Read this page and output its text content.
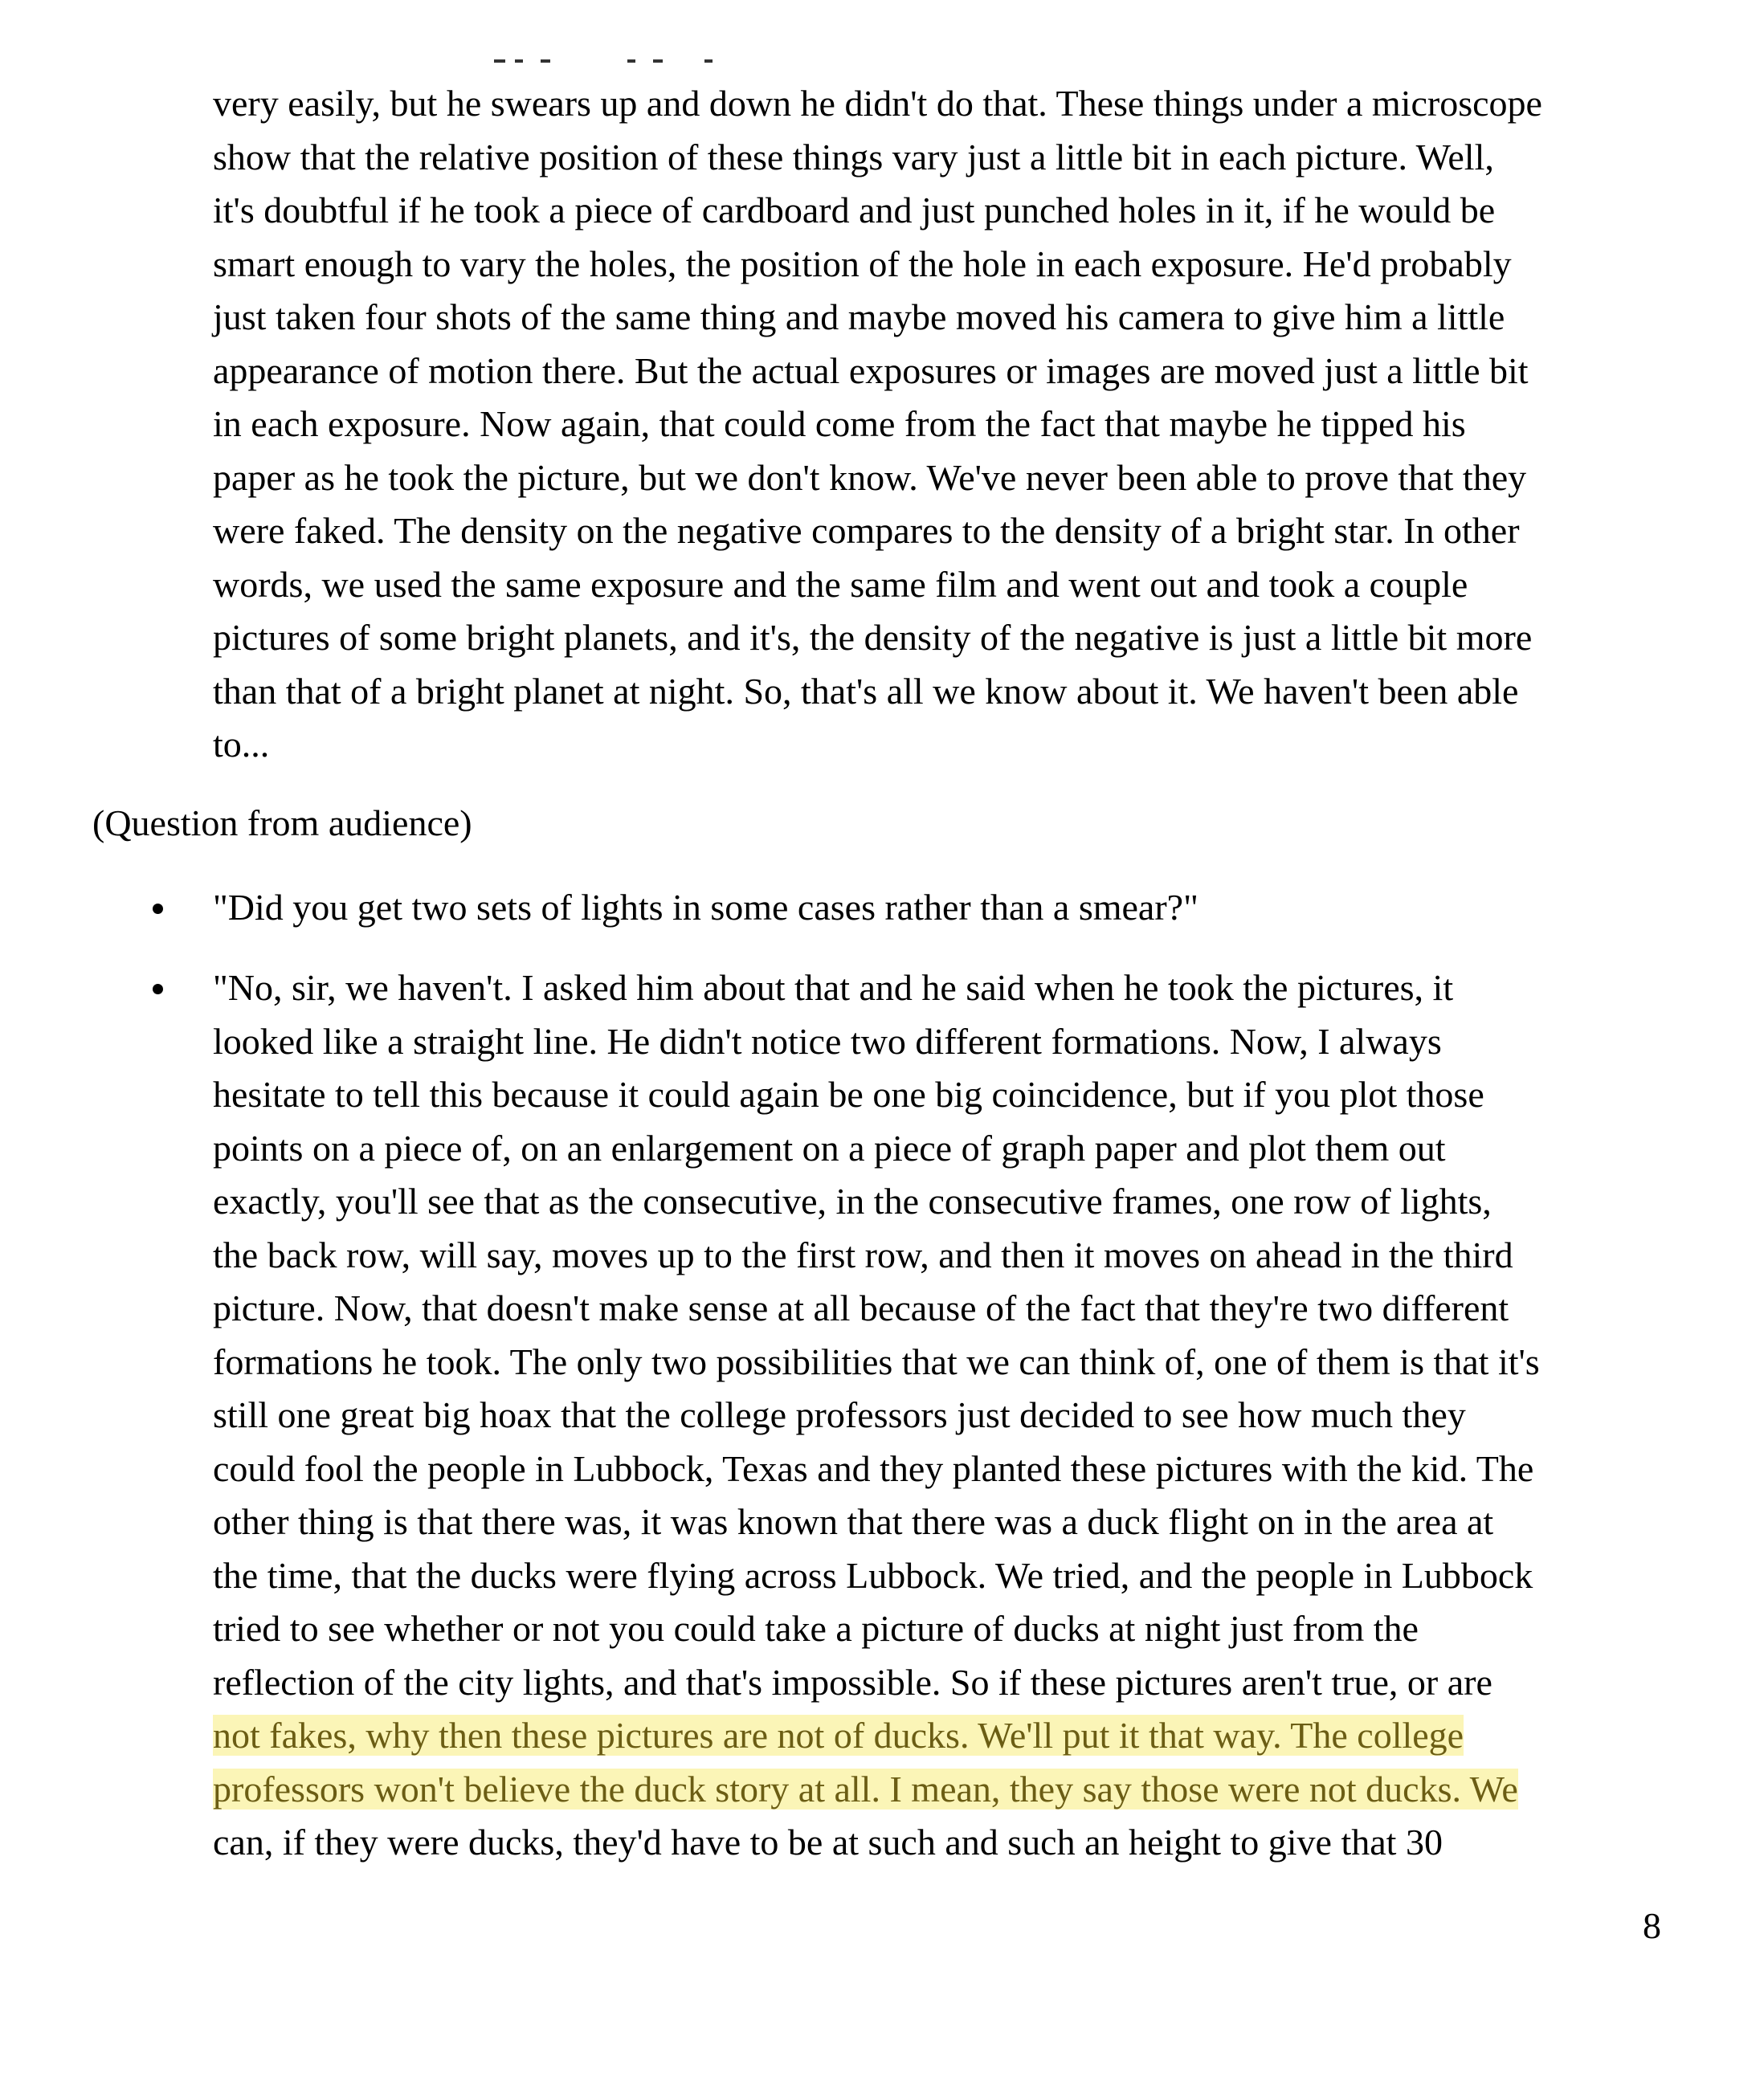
very easily, but he swears up and down he didn't do that. These things under a microscope
show that the relative position of these things vary just a little bit in each picture. Well,
it's doubtful if he took a piece of cardboard and just punched holes in it, if he would be
smart enough to vary the holes, the position of the hole in each exposure. He'd probably
just taken four shots of the same thing and maybe moved his camera to give him a little
appearance of motion there. But the actual exposures or images are moved just a little bit
in each exposure. Now again, that could come from the fact that maybe he tipped his
paper as he took the picture, but we don't know. We've never been able to prove that they
were faked. The density on the negative compares to the density of a bright star. In other
words, we used the same exposure and the same film and went out and took a couple
pictures of some bright planets, and it's, the density of the negative is just a little bit more
than that of a bright planet at night. So, that's all we know about it. We haven't been able
to...
(Question from audience)
"Did you get two sets of lights in some cases rather than a smear?"
"No, sir, we haven't. I asked him about that and he said when he took the pictures, it
looked like a straight line. He didn't notice two different formations. Now, I always
hesitate to tell this because it could again be one big coincidence, but if you plot those
points on a piece of, on an enlargement on a piece of graph paper and plot them out
exactly, you'll see that as the consecutive, in the consecutive frames, one row of lights,
the back row, will say, moves up to the first row, and then it moves on ahead in the third
picture. Now, that doesn't make sense at all because of the fact that they're two different
formations he took. The only two possibilities that we can think of, one of them is that it's
still one great big hoax that the college professors just decided to see how much they
could fool the people in Lubbock, Texas and they planted these pictures with the kid. The
other thing is that there was, it was known that there was a duck flight on in the area at
the time, that the ducks were flying across Lubbock. We tried, and the people in Lubbock
tried to see whether or not you could take a picture of ducks at night just from the
reflection of the city lights, and that's impossible. So if these pictures aren't true, or are
not fakes, why then these pictures are not of ducks. We'll put it that way. The college
professors won't believe the duck story at all. I mean, they say those were not ducks. We
can, if they were ducks, they'd have to be at such and such an height to give that 30
8
